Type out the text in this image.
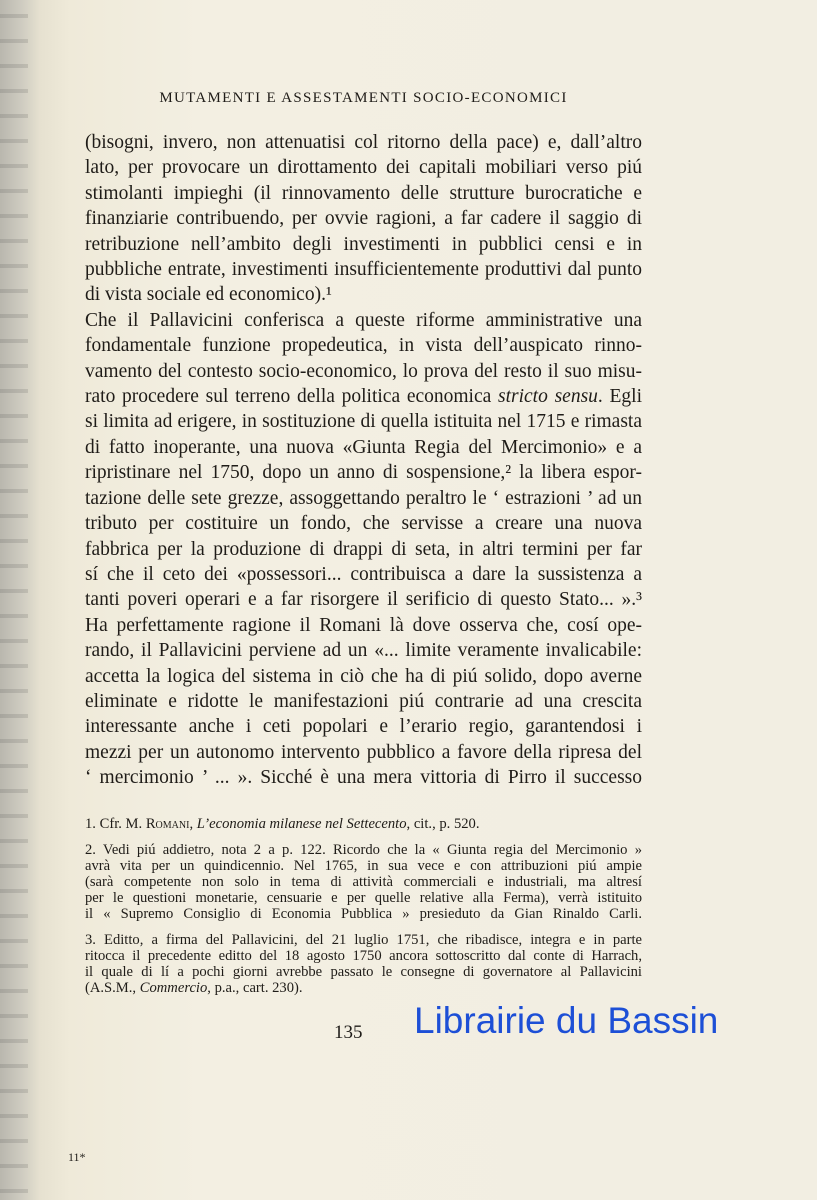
MUTAMENTI E ASSESTAMENTI SOCIO-ECONOMICI
(bisogni, invero, non attenuatisi col ritorno della pace) e, dall’altro
lato, per provocare un dirottamento dei capitali mobiliari verso piú
stimolanti impieghi (il rinnovamento delle strutture burocratiche e
finanziarie contribuendo, per ovvie ragioni, a far cadere il saggio di
retribuzione nell’ambito degli investimenti in pubblici censi e in
pubbliche entrate, investimenti insufficientemente produttivi dal punto
di vista sociale ed economico).¹
Che il Pallavicini conferisca a queste riforme amministrative una
fondamentale funzione propedeutica, in vista dell’auspicato rinno-
vamento del contesto socio-economico, lo prova del resto il suo misu-
rato procedere sul terreno della politica economica stricto sensu. Egli
si limita ad erigere, in sostituzione di quella istituita nel 1715 e rimasta
di fatto inoperante, una nuova «Giunta Regia del Mercimonio» e a
ripristinare nel 1750, dopo un anno di sospensione,² la libera espor-
tazione delle sete grezze, assoggettando peraltro le ‘ estrazioni ’ ad un
tributo per costituire un fondo, che servisse a creare una nuova
fabbrica per la produzione di drappi di seta, in altri termini per far
sí che il ceto dei «possessori... contribuisca a dare la sussistenza a
tanti poveri operari e a far risorgere il serificio di questo Stato... ».³
Ha perfettamente ragione il Romani là dove osserva che, cosí ope-
rando, il Pallavicini perviene ad un «... limite veramente invalicabile:
accetta la logica del sistema in ciò che ha di piú solido, dopo averne
eliminate e ridotte le manifestazioni piú contrarie ad una crescita
interessante anche i ceti popolari e l’erario regio, garantendosi i
mezzi per un autonomo intervento pubblico a favore della ripresa del
‘ mercimonio ’ ... ». Sicché è una mera vittoria di Pirro il successo
1. Cfr. M. Romani, L’economia milanese nel Settecento, cit., p. 520.
2. Vedi piú addietro, nota 2 a p. 122. Ricordo che la « Giunta regia del Mercimonio »
avrà vita per un quindicennio. Nel 1765, in sua vece e con attribuzioni piú ampie
(sarà competente non solo in tema di attività commerciali e industriali, ma altresí
per le questioni monetarie, censuarie e per quelle relative alla Ferma), verrà istituito
il « Supremo Consiglio di Economia Pubblica » presieduto da Gian Rinaldo Carli.
3. Editto, a firma del Pallavicini, del 21 luglio 1751, che ribadisce, integra e in parte
ritocca il precedente editto del 18 agosto 1750 ancora sottoscritto dal conte di Harrach,
il quale di lí a pochi giorni avrebbe passato le consegne di governatore al Pallavicini
(A.S.M., Commercio, p.a., cart. 230).
135 Librairie du Bassin
11*
